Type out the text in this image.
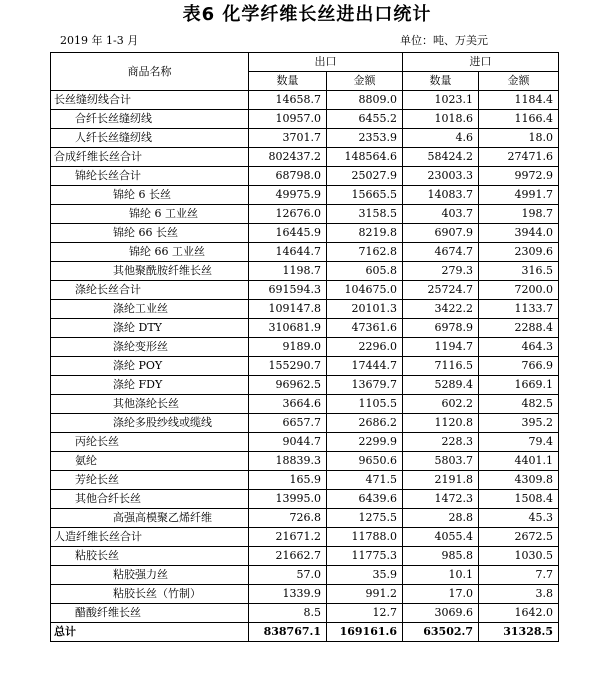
表6 化学纤维长丝进出口统计
2019 年 1-3 月	单位：吨、万美元
商品名称	出口		进口	
	数量	金额	数量	金额
长丝缝纫线合计	14658.7	8809.0	1023.1	1184.4
合纤长丝缝纫线	10957.0	6455.2	1018.6	1166.4
人纤长丝缝纫线	3701.7	2353.9	4.6	18.0
合成纤维长丝合计	802437.2	148564.6	58424.2	27471.6
锦纶长丝合计	68798.0	25027.9	23003.3	9972.9
锦纶 6 长丝	49975.9	15665.5	14083.7	4991.7
锦纶 6 工业丝	12676.0	3158.5	403.7	198.7
锦纶 66 长丝	16445.9	8219.8	6907.9	3944.0
锦纶 66 工业丝	14644.7	7162.8	4674.7	2309.6
其他聚酰胺纤维长丝	1198.7	605.8	279.3	316.5
涤纶长丝合计	691594.3	104675.0	25724.7	7200.0
涤纶工业丝	109147.8	20101.3	3422.2	1133.7
涤纶 DTY	310681.9	47361.6	6978.9	2288.4
涤纶变形丝	9189.0	2296.0	1194.7	464.3
涤纶 POY	155290.7	17444.7	7116.5	766.9
涤纶 FDY	96962.5	13679.7	5289.4	1669.1
其他涤纶长丝	3664.6	1105.5	602.2	482.5
涤纶多股纱线或缆线	6657.7	2686.2	1120.8	395.2
丙纶长丝	9044.7	2299.9	228.3	79.4
氨纶	18839.3	9650.6	5803.7	4401.1
芳纶长丝	165.9	471.5	2191.8	4309.8
其他合纤长丝	13995.0	6439.6	1472.3	1508.4
高强高模聚乙烯纤维	726.8	1275.5	28.8	45.3
人造纤维长丝合计	21671.2	11788.0	4055.4	2672.5
粘胶长丝	21662.7	11775.3	985.8	1030.5
粘胶强力丝	57.0	35.9	10.1	7.7
粘胶长丝（竹制）	1339.9	991.2	17.0	3.8
醋酸纤维长丝	8.5	12.7	3069.6	1642.0
总计	838767.1	169161.6	63502.7	31328.5
